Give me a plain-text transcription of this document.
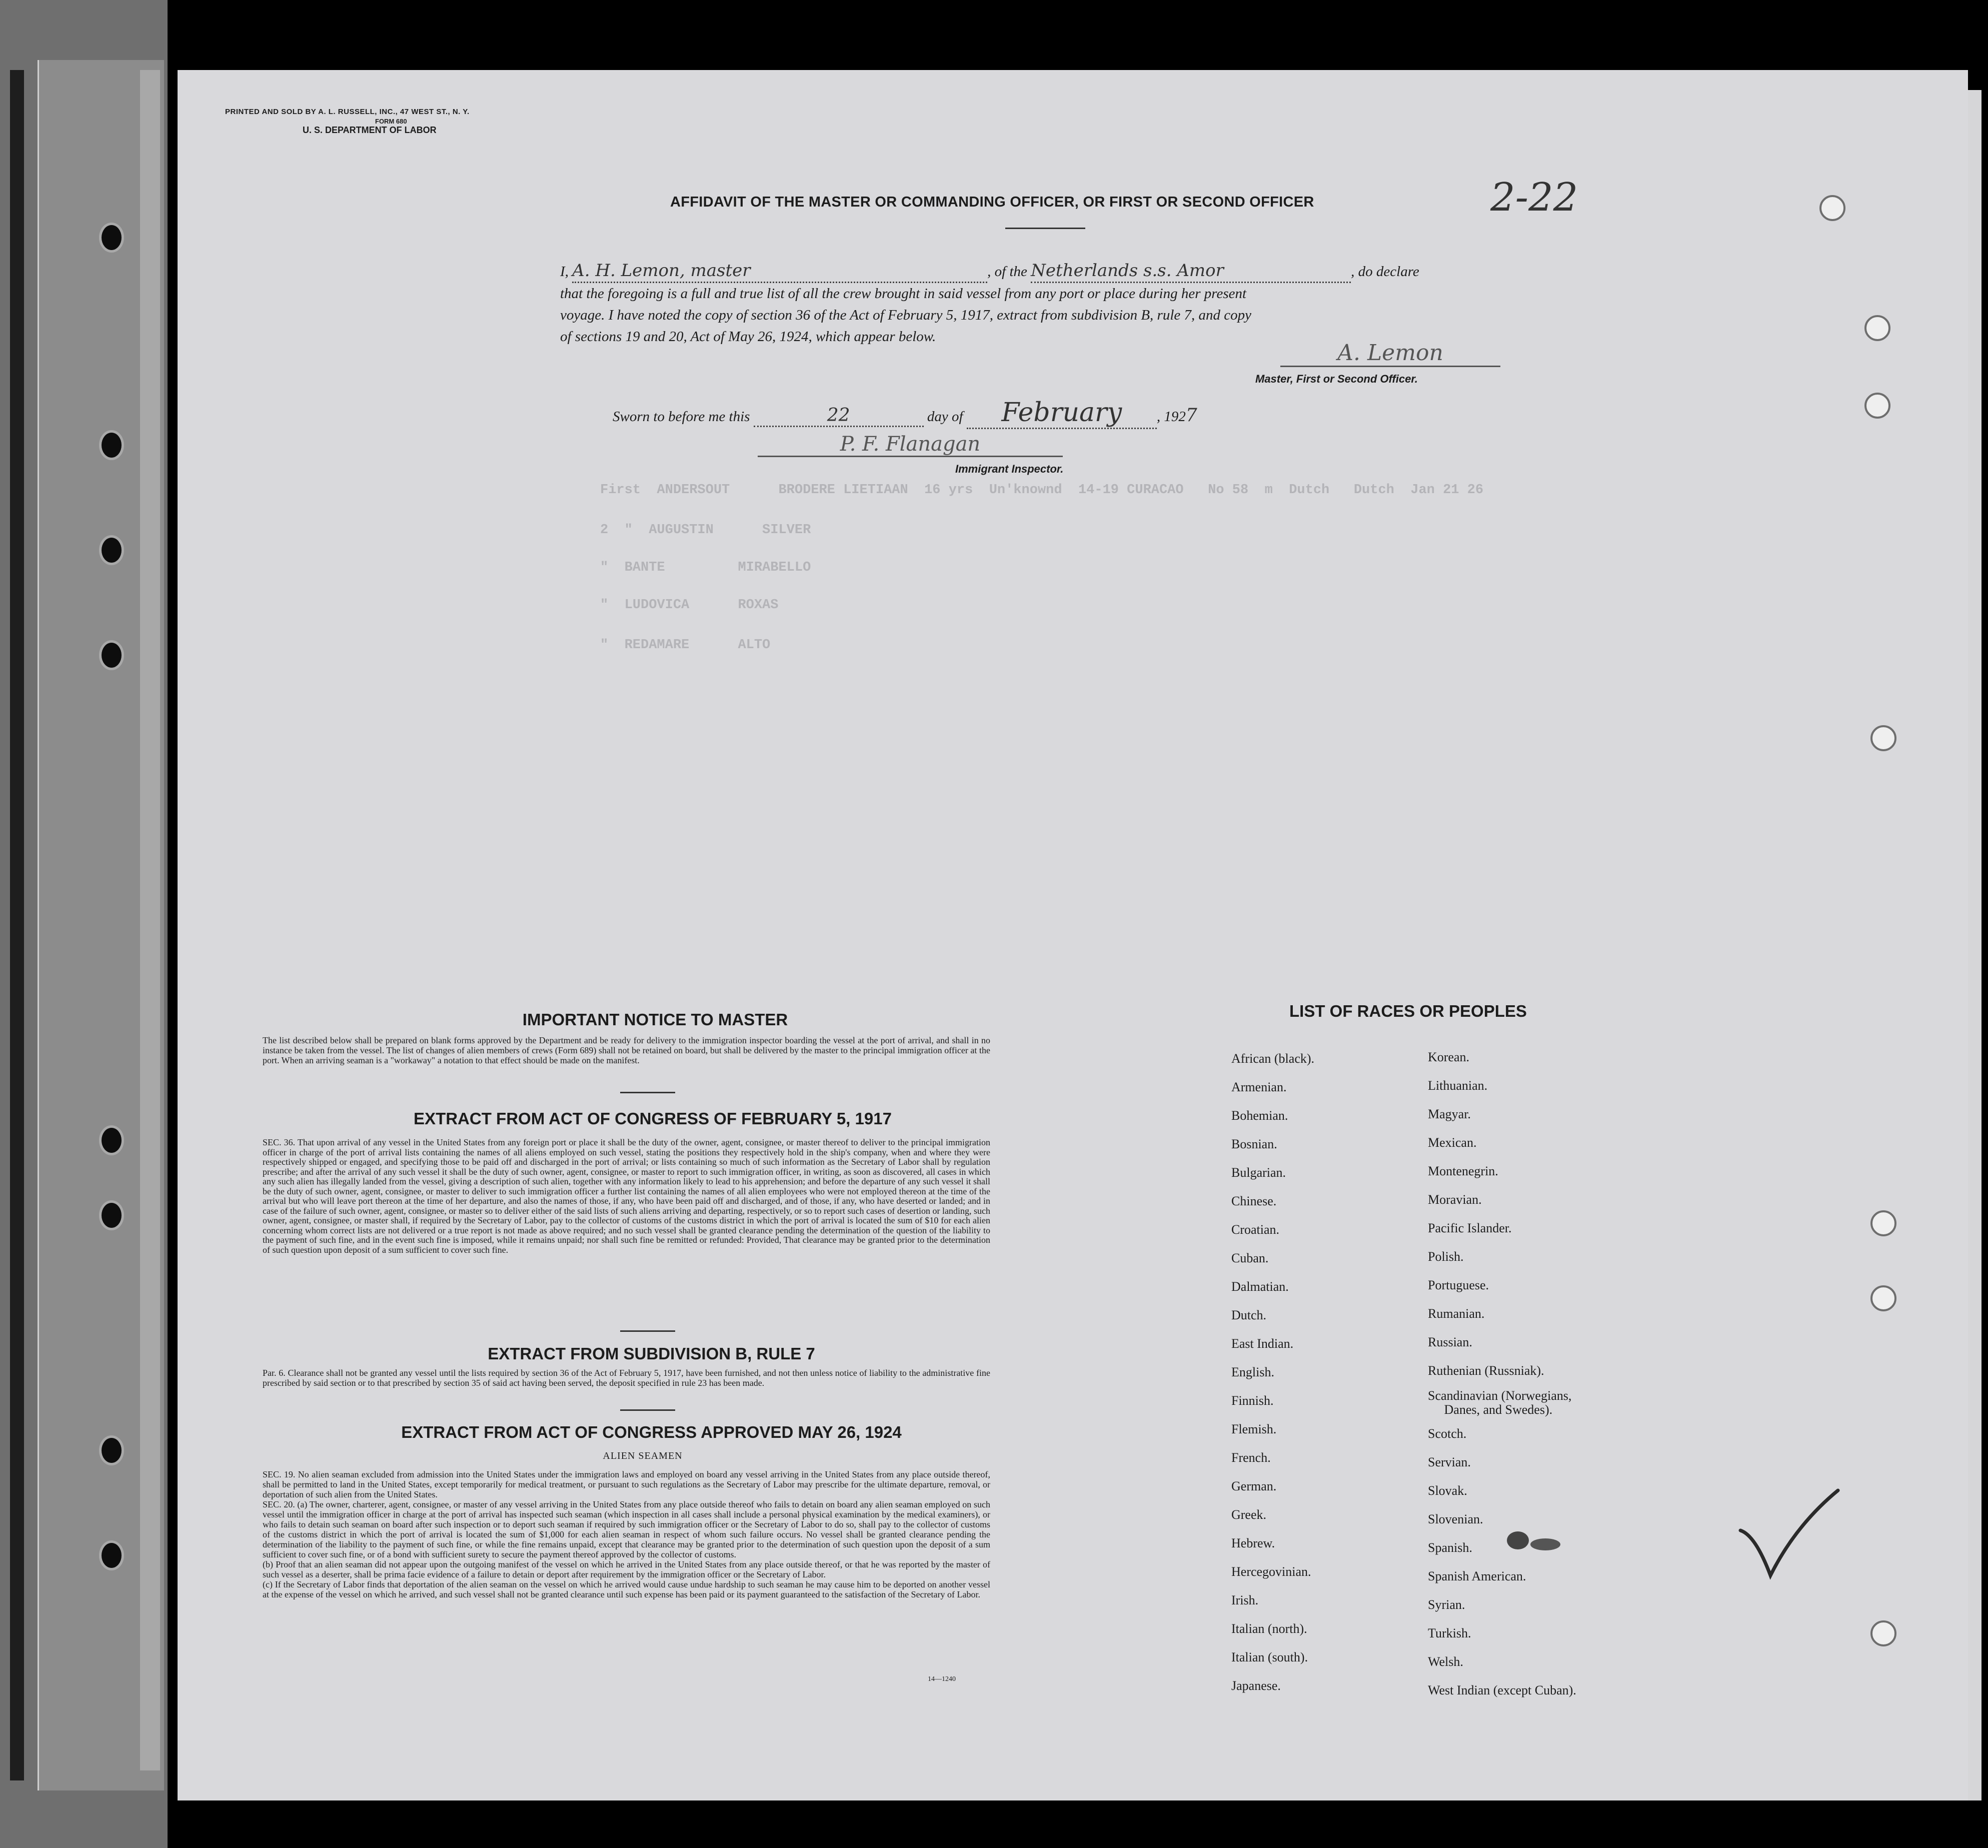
PRINTED AND SOLD BY A. L. RUSSELL, INC., 47 WEST ST., N. Y.
FORM 680
U. S. DEPARTMENT OF LABOR
AFFIDAVIT OF THE MASTER OR COMMANDING OFFICER, OR FIRST OR SECOND OFFICER	2-22
I, A. H. Lemon, master	, of the Netherlands s.s. Amor	, do declare
that the foregoing is a full and true list of all the crew brought in said vessel from any port or place during her present
voyage. I have noted the copy of section 36 of the Act of February 5, 1917, extract from subdivision B, rule 7, and copy
of sections 19 and 20, Act of May 26, 1924, which appear below.
A. Lemon
Master, First or Second Officer.
Sworn to before me this	22	day of February , 1927
P. F. Flanagan
Immigrant Inspector.
First  ANDERSOUT      BRODERE LIETIAAN  16 yrs  Un'knownd  14-19 CURACAO   No 58  m  Dutch   Dutch  Jan 21 26
2  "  AUGUSTIN      SILVER
"  BANTE         MIRABELLO
"  LUDOVICA      ROXAS
"  REDAMARE      ALTO
IMPORTANT NOTICE TO MASTER
The list described below shall be prepared on blank forms approved by the Department and be ready for delivery to the immigration inspector boarding the vessel at the port of arrival, and shall in no instance be taken from the vessel. The list of changes of alien members of crews (Form 689) shall not be retained on board, but shall be delivered by the master to the principal immigration officer at the port. When an arriving seaman is a "workaway" a notation to that effect should be made on the manifest.
EXTRACT FROM ACT OF CONGRESS OF FEBRUARY 5, 1917
SEC. 36. That upon arrival of any vessel in the United States from any foreign port or place it shall be the duty of the owner, agent, consignee, or master thereof to deliver to the principal immigration officer in charge of the port of arrival lists containing the names of all aliens employed on such vessel, stating the positions they respectively hold in the ship's company, when and where they were respectively shipped or engaged, and specifying those to be paid off and discharged in the port of arrival; or lists containing so much of such information as the Secretary of Labor shall by regulation prescribe; and after the arrival of any such vessel it shall be the duty of such owner, agent, consignee, or master to report to such immigration officer, in writing, as soon as discovered, all cases in which any such alien has illegally landed from the vessel, giving a description of such alien, together with any information likely to lead to his apprehension; and before the departure of any such vessel it shall be the duty of such owner, agent, consignee, or master to deliver to such immigration officer a further list containing the names of all alien employees who were not employed thereon at the time of the arrival but who will leave port thereon at the time of her departure, and also the names of those, if any, who have been paid off and discharged, and of those, if any, who have deserted or landed; and in case of the failure of such owner, agent, consignee, or master so to deliver either of the said lists of such aliens arriving and departing, respectively, or so to report such cases of desertion or landing, such owner, agent, consignee, or master shall, if required by the Secretary of Labor, pay to the collector of customs of the customs district in which the port of arrival is located the sum of $10 for each alien concerning whom correct lists are not delivered or a true report is not made as above required; and no such vessel shall be granted clearance pending the determination of the question of the liability to the payment of such fine, and in the event such fine is imposed, while it remains unpaid; nor shall such fine be remitted or refunded: Provided, That clearance may be granted prior to the determination of such question upon deposit of a sum sufficient to cover such fine.
EXTRACT FROM SUBDIVISION B, RULE 7
Par. 6. Clearance shall not be granted any vessel until the lists required by section 36 of the Act of February 5, 1917, have been furnished, and not then unless notice of liability to the administrative fine prescribed by said section or to that prescribed by section 35 of said act having been served, the deposit specified in rule 23 has been made.
EXTRACT FROM ACT OF CONGRESS APPROVED MAY 26, 1924
ALIEN SEAMEN
SEC. 19. No alien seaman excluded from admission into the United States under the immigration laws and employed on board any vessel arriving in the United States from any place outside thereof, shall be permitted to land in the United States, except temporarily for medical treatment, or pursuant to such regulations as the Secretary of Labor may prescribe for the ultimate departure, removal, or deportation of such alien from the United States.
SEC. 20. (a) The owner, charterer, agent, consignee, or master of any vessel arriving in the United States from any place outside thereof who fails to detain on board any alien seaman employed on such vessel until the immigration officer in charge at the port of arrival has inspected such seaman (which inspection in all cases shall include a personal physical examination by the medical examiners), or who fails to detain such seaman on board after such inspection or to deport such seaman if required by such immigration officer or the Secretary of Labor to do so, shall pay to the collector of customs of the customs district in which the port of arrival is located the sum of $1,000 for each alien seaman in respect of whom such failure occurs. No vessel shall be granted clearance pending the determination of the liability to the payment of such fine, or while the fine remains unpaid, except that clearance may be granted prior to the determination of such question upon the deposit of a sum sufficient to cover such fine, or of a bond with sufficient surety to secure the payment thereof approved by the collector of customs.
(b) Proof that an alien seaman did not appear upon the outgoing manifest of the vessel on which he arrived in the United States from any place outside thereof, or that he was reported by the master of such vessel as a deserter, shall be prima facie evidence of a failure to detain or deport after requirement by the immigration officer or the Secretary of Labor.
(c) If the Secretary of Labor finds that deportation of the alien seaman on the vessel on which he arrived would cause undue hardship to such seaman he may cause him to be deported on another vessel at the expense of the vessel on which he arrived, and such vessel shall not be granted clearance until such expense has been paid or its payment guaranteed to the satisfaction of the Secretary of Labor.
14—1240
LIST OF RACES OR PEOPLES
African (black).
Armenian.
Bohemian.
Bosnian.
Bulgarian.
Chinese.
Croatian.
Cuban.
Dalmatian.
Dutch.
East Indian.
English.
Finnish.
Flemish.
French.
German.
Greek.
Hebrew.
Hercegovinian.
Irish.
Italian (north).
Italian (south).
Japanese.
Korean.
Lithuanian.
Magyar.
Mexican.
Montenegrin.
Moravian.
Pacific Islander.
Polish.
Portuguese.
Rumanian.
Russian.
Ruthenian (Russniak).
Scandinavian (Norwegians,
Danes, and Swedes).
Scotch.
Servian.
Slovak.
Slovenian.
Spanish.
Spanish American.
Syrian.
Turkish.
Welsh.
West Indian (except Cuban).
